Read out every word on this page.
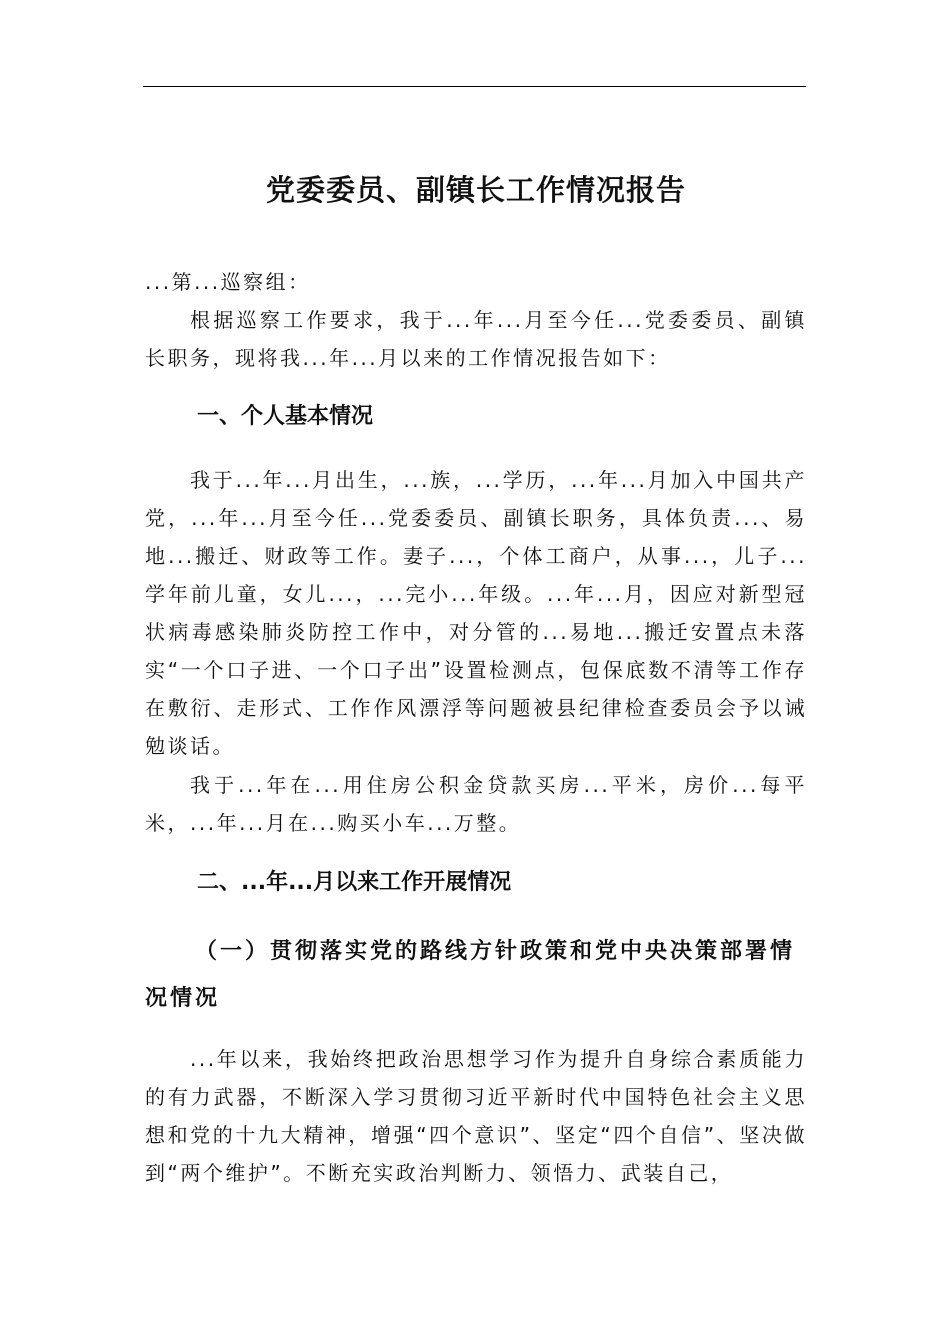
党委委员、副镇长工作情况报告
...第...巡察组：
根据巡察工作要求，我于...年...月至今任...党委委员、副镇长职务，现将我...年...月以来的工作情况报告如下：
一、个人基本情况
我于...年...月出生，...族，...学历，...年...月加入中国共产党，...年...月至今任...党委委员、副镇长职务，具体负责...、易地...搬迁、财政等工作。妻子...，个体工商户，从事...，儿子...学年前儿童，女儿...，...完小...年级。...年...月，因应对新型冠状病毒感染肺炎防控工作中，对分管的...易地...搬迁安置点未落实“一个口子进、一个口子出”设置检测点，包保底数不清等工作存在敷衍、走形式、工作作风漂浮等问题被县纪律检查委员会予以诫勉谈话。
我于...年在...用住房公积金贷款买房...平米，房价...每平米，...年...月在...购买小车...万整。
二、...年...月以来工作开展情况
（一）贯彻落实党的路线方针政策和党中央决策部署情况情况
...年以来，我始终把政治思想学习作为提升自身综合素质能力的有力武器，不断深入学习贯彻习近平新时代中国特色社会主义思想和党的十九大精神，增强“四个意识”、坚定“四个自信”、坚决做到“两个维护”。不断充实政治判断力、领悟力、武装自己，
